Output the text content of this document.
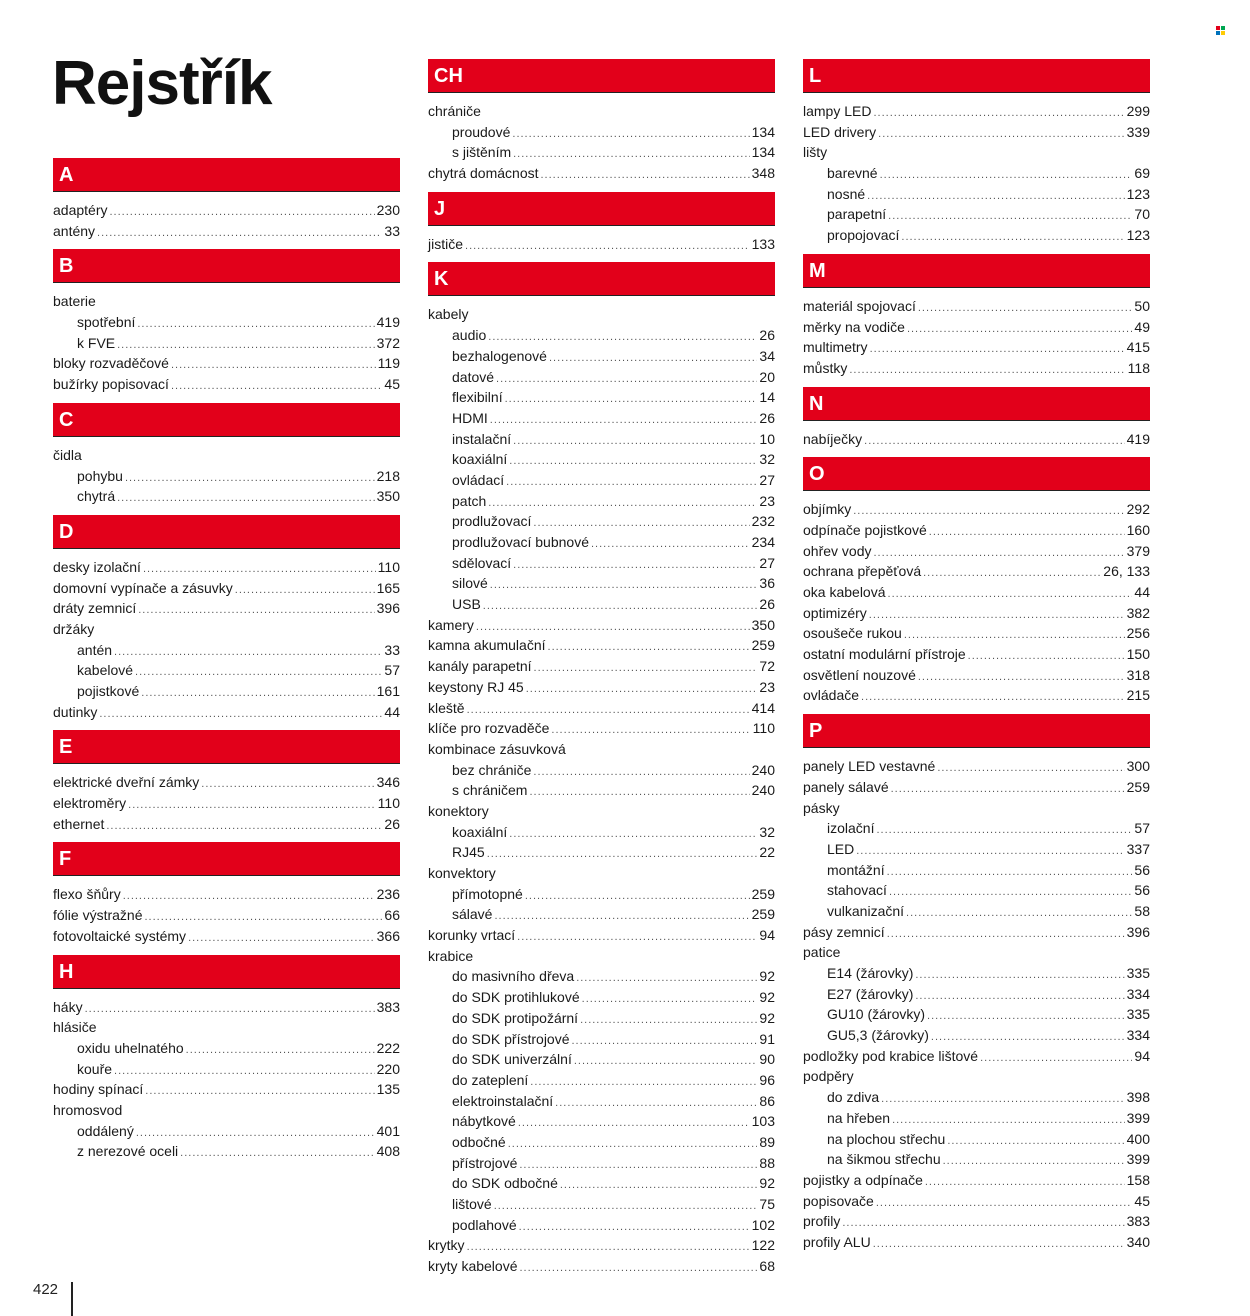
Rejstřík
A
adaptéry .....	230
antény .....	33
B
baterie
spotřební .....	419
k FVE .....	372
bloky rozvaděčové .....	119
bužírky popisovací .....	45
C
čidla
pohybu .....	218
chytrá .....	350
D
desky izolační .....	110
domovní vypínače a zásuvky .....	165
dráty zemnicí .....	396
držáky
antén .....	33
kabelové .....	57
pojistkové .....	161
dutinky .....	44
E
elektrické dveřní zámky .....	346
elektroměry .....	110
ethernet .....	26
F
flexo šňůry .....	236
fólie výstražné .....	66
fotovoltaické systémy .....	366
H
háky .....	383
hlásiče
oxidu uhelnatého .....	222
kouře .....	220
hodiny spínací .....	135
hromosvod
oddálený .....	401
z nerezové oceli .....	408
CH
chrániče
proudové .....	134
s jištěním .....	134
chytrá domácnost .....	348
J
jističe .....	133
K
kabely
audio .....	26
bezhalogenové .....	34
datové .....	20
flexibilní .....	14
HDMI .....	26
instalační .....	10
koaxiální .....	32
ovládací .....	27
patch .....	23
prodlužovací .....	232
prodlužovací bubnové .....	234
sdělovací .....	27
silové .....	36
USB .....	26
kamery .....	350
kamna akumulační .....	259
kanály parapetní .....	72
keystony RJ 45 .....	23
kleště .....	414
klíče pro rozvaděče .....	110
kombinace zásuvková
bez chrániče .....	240
s chráničem .....	240
konektory
koaxiální .....	32
RJ45 .....	22
konvektory
přímotopné .....	259
sálavé .....	259
korunky vrtací .....	94
krabice
do masivního dřeva .....	92
do SDK protihlukové .....	92
do SDK protipožární .....	92
do SDK přístrojové .....	91
do SDK univerzální .....	90
do zateplení .....	96
elektroinstalační .....	86
nábytkové .....	103
odbočné .....	89
přístrojové .....	88
do SDK odbočné .....	92
lištové .....	75
podlahové .....	102
krytky .....	122
kryty kabelové .....	68
L
lampy LED .....	299
LED drivery .....	339
lišty
barevné .....	69
nosné .....	123
parapetní .....	70
propojovací .....	123
M
materiál spojovací .....	50
měrky na vodiče .....	49
multimetry .....	415
můstky .....	118
N
nabíječky .....	419
O
objímky .....	292
odpínače pojistkové .....	160
ohřev vody .....	379
ochrana přepěťová .....	26, 133
oka kabelová .....	44
optimizéry .....	382
osoušeče rukou .....	256
ostatní modulární přístroje .....	150
osvětlení nouzové .....	318
ovládače .....	215
P
panely LED vestavné .....	300
panely sálavé .....	259
pásky
izolační .....	57
LED .....	337
montážní .....	56
stahovací .....	56
vulkanizační .....	58
pásy zemnicí .....	396
patice
E14 (žárovky) .....	335
E27 (žárovky) .....	334
GU10 (žárovky) .....	335
GU5,3 (žárovky) .....	334
podložky pod krabice lištové .....	94
podpěry
do zdiva .....	398
na hřeben .....	399
na plochou střechu .....	400
na šikmou střechu .....	399
pojistky a odpínače .....	158
popisovače .....	45
profily .....	383
profily ALU .....	340
422
